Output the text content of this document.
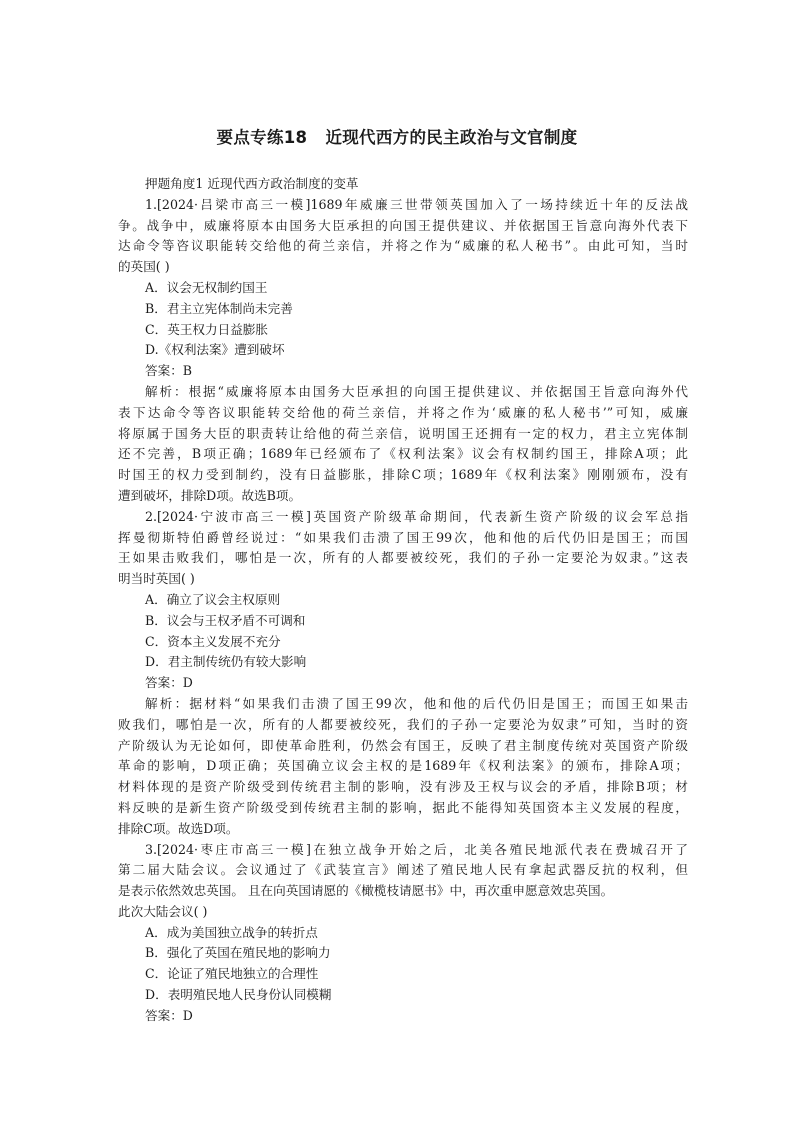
要点专练18   近现代西方的民主政治与文官制度
押题角度1 近现代西方政治制度的变革
1.[2024·吕梁市高三一模]1689年威廉三世带领英国加入了一场持续近十年的反法战
争。战争中，威廉将原本由国务大臣承担的向国王提供建议、并依据国王旨意向海外代表下
达命令等咨议职能转交给他的荷兰亲信，并将之作为“威廉的私人秘书”。由此可知，当时
的英国( )
A．议会无权制约国王
B．君主立宪体制尚未完善
C．英王权力日益膨胀
D.《权利法案》遭到破坏
答案：B
解析：根据“威廉将原本由国务大臣承担的向国王提供建议、并依据国王旨意向海外代
表下达命令等咨议职能转交给他的荷兰亲信，并将之作为‘威廉的私人秘书’”可知，威廉
将原属于国务大臣的职责转让给他的荷兰亲信，说明国王还拥有一定的权力，君主立宪体制
还不完善，B项正确；1689年已经颁布了《权利法案》议会有权制约国王，排除A项；此
时国王的权力受到制约，没有日益膨胀，排除C项；1689年《权利法案》刚刚颁布，没有
遭到破坏，排除D项。故选B项。
2.[2024·宁波市高三一模]英国资产阶级革命期间，代表新生资产阶级的议会军总指
挥曼彻斯特伯爵曾经说过：“如果我们击溃了国王99次，他和他的后代仍旧是国王；而国
王如果击败我们，哪怕是一次，所有的人都要被绞死，我们的子孙一定要沦为奴隶。”这表
明当时英国( )
A．确立了议会主权原则
B．议会与王权矛盾不可调和
C．资本主义发展不充分
D．君主制传统仍有较大影响
答案：D
解析：据材料“如果我们击溃了国王99次，他和他的后代仍旧是国王；而国王如果击
败我们，哪怕是一次，所有的人都要被绞死，我们的子孙一定要沦为奴隶”可知，当时的资
产阶级认为无论如何，即使革命胜利，仍然会有国王，反映了君主制度传统对英国资产阶级
革命的影响，D项正确；英国确立议会主权的是1689年《权利法案》的颁布，排除A项；
材料体现的是资产阶级受到传统君主制的影响，没有涉及王权与议会的矛盾，排除B项；材
料反映的是新生资产阶级受到传统君主制的影响，据此不能得知英国资本主义发展的程度，
排除C项。故选D项。
3.[2024·枣庄市高三一模]在独立战争开始之后，北美各殖民地派代表在费城召开了
第二届大陆会议。会议通过了《武装宣言》阐述了殖民地人民有拿起武器反抗的权利，但
是表示依然效忠英国。 且在向英国请愿的《橄榄枝请愿书》中，再次重申愿意效忠英国。
此次大陆会议( )
A．成为美国独立战争的转折点
B．强化了英国在殖民地的影响力
C．论证了殖民地独立的合理性
D．表明殖民地人民身份认同模糊
答案：D
